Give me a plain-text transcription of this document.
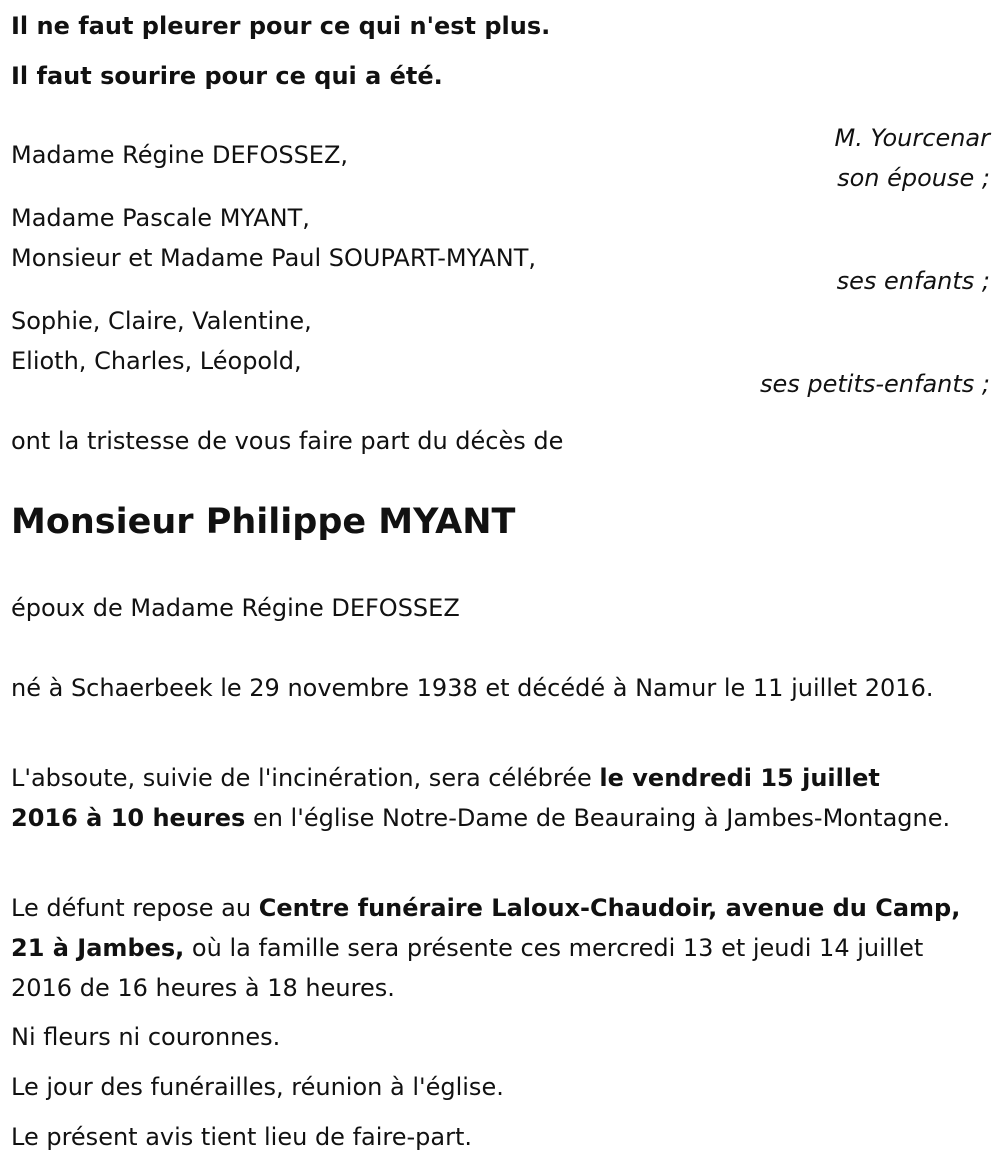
Il ne faut pleurer pour ce qui n'est plus.
Il faut sourire pour ce qui a été.
M. Yourcenar
Madame Régine DEFOSSEZ,
son épouse ;
Madame Pascale MYANT,
Monsieur et Madame Paul SOUPART-MYANT,
ses enfants ;
Sophie, Claire, Valentine,
Elioth, Charles, Léopold,
ses petits-enfants ;
ont la tristesse de vous faire part du décès de
Monsieur Philippe MYANT
époux de Madame Régine DEFOSSEZ
né à Schaerbeek le 29 novembre 1938 et décédé à Namur le 11 juillet 2016.
L'absoute, suivie de l'incinération, sera célébrée le vendredi 15 juillet 2016 à 10 heures en l'église Notre-Dame de Beauraing à Jambes-Montagne.
Le défunt repose au Centre funéraire Laloux-Chaudoir, avenue du Camp, 21 à Jambes, où la famille sera présente ces mercredi 13 et jeudi 14 juillet 2016 de 16 heures à 18 heures.
Ni fleurs ni couronnes.
Le jour des funérailles, réunion à l'église.
Le présent avis tient lieu de faire-part.
